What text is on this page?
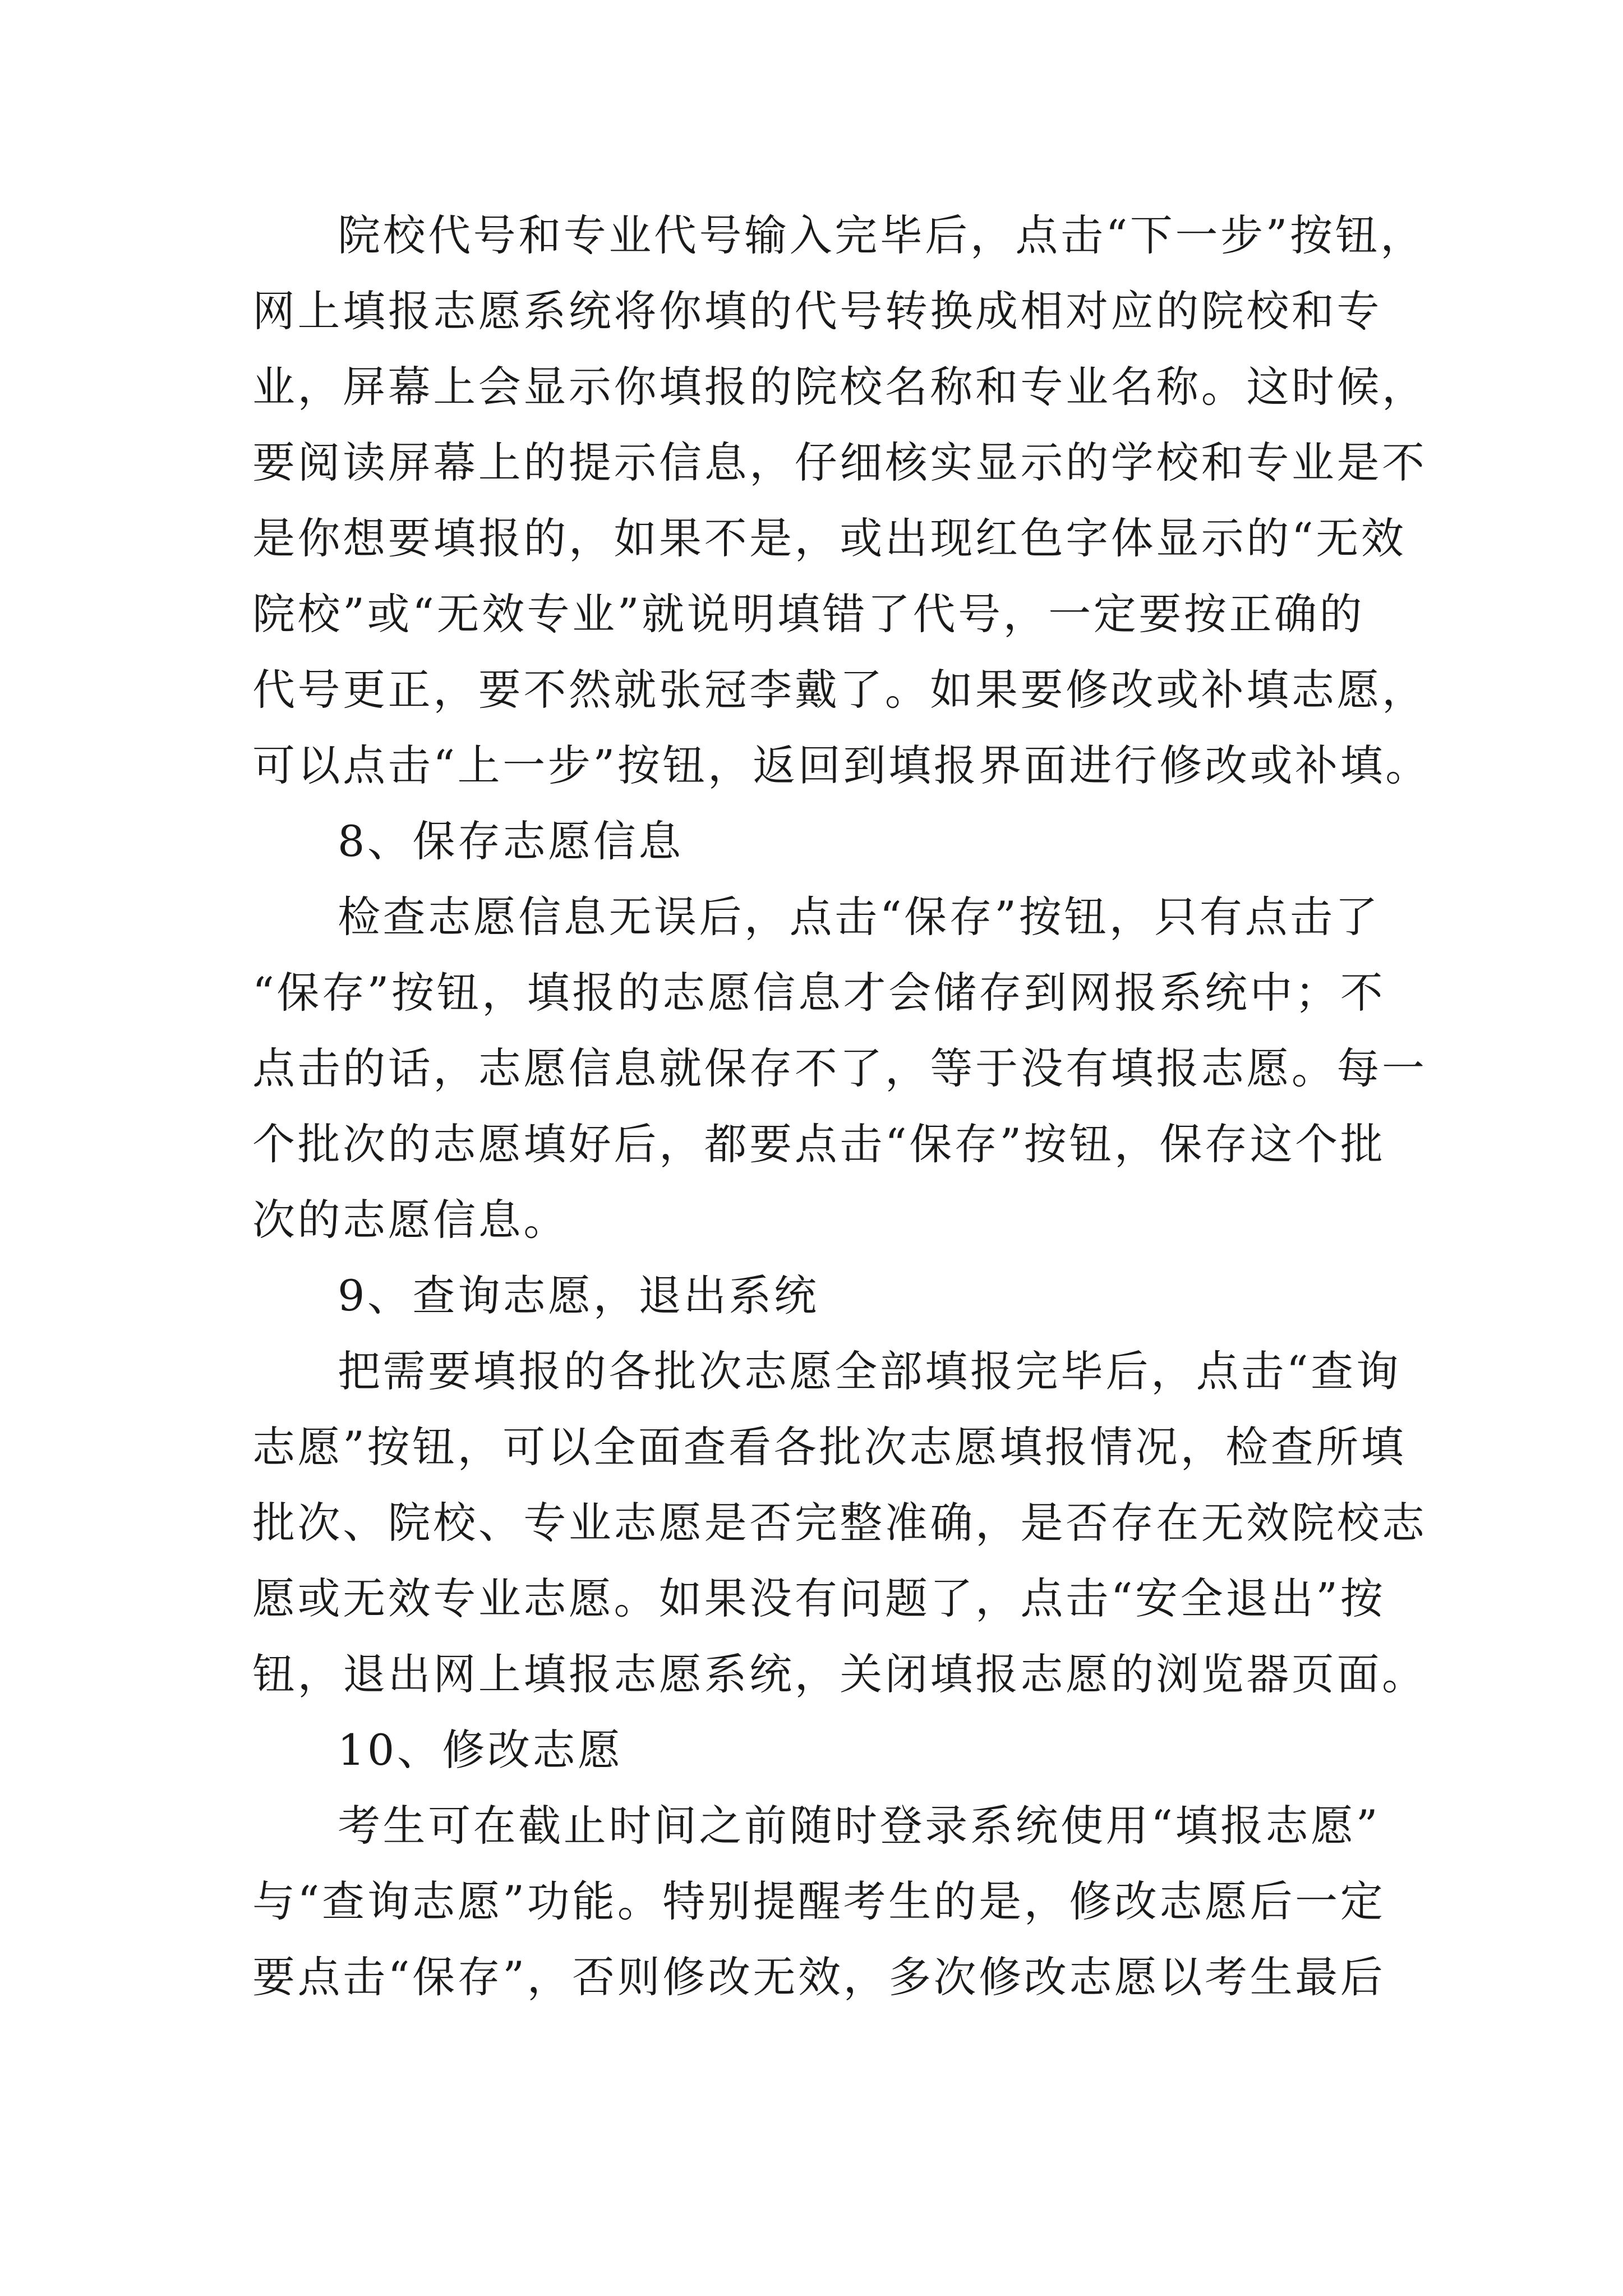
院校代号和专业代号输入完毕后，点击“下一步”按钮，
网上填报志愿系统将你填的代号转换成相对应的院校和专
业，屏幕上会显示你填报的院校名称和专业名称。这时候，
要阅读屏幕上的提示信息，仔细核实显示的学校和专业是不
是你想要填报的，如果不是，或出现红色字体显示的“无效
院校”或“无效专业”就说明填错了代号，一定要按正确的
代号更正，要不然就张冠李戴了。如果要修改或补填志愿，
可以点击“上一步”按钮，返回到填报界面进行修改或补填。
8、保存志愿信息
检查志愿信息无误后，点击“保存”按钮，只有点击了
“保存”按钮，填报的志愿信息才会储存到网报系统中；不
点击的话，志愿信息就保存不了，等于没有填报志愿。每一
个批次的志愿填好后，都要点击“保存”按钮，保存这个批
次的志愿信息。
9、查询志愿，退出系统
把需要填报的各批次志愿全部填报完毕后，点击“查询
志愿”按钮，可以全面查看各批次志愿填报情况，检查所填
批次、院校、专业志愿是否完整准确，是否存在无效院校志
愿或无效专业志愿。如果没有问题了，点击“安全退出”按
钮，退出网上填报志愿系统，关闭填报志愿的浏览器页面。
10、修改志愿
考生可在截止时间之前随时登录系统使用“填报志愿”
与“查询志愿”功能。特别提醒考生的是，修改志愿后一定
要点击“保存”，否则修改无效，多次修改志愿以考生最后
